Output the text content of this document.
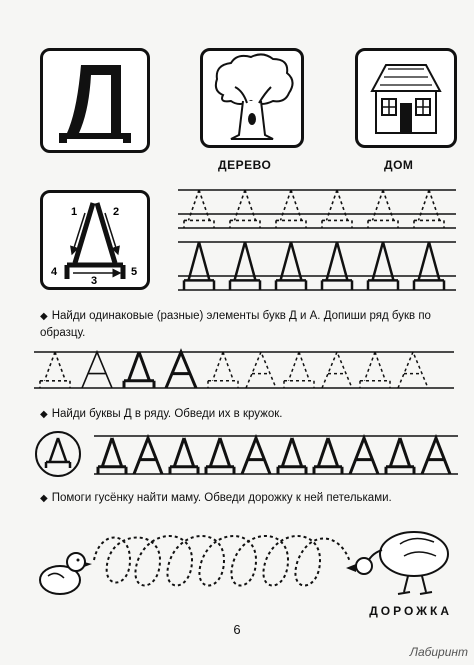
ДЕРЕВО	ДОМ
1	2
3
4	5
◆ Найди одинаковые (разные) элементы букв Д и А. Допиши ряд букв по образцу.
◆ Найди буквы Д в ряду. Обведи их в кружок.
◆ Помоги гусёнку найти маму. Обведи дорожку к ней петельками.
ДОРОЖКА
6
Лабиринт
